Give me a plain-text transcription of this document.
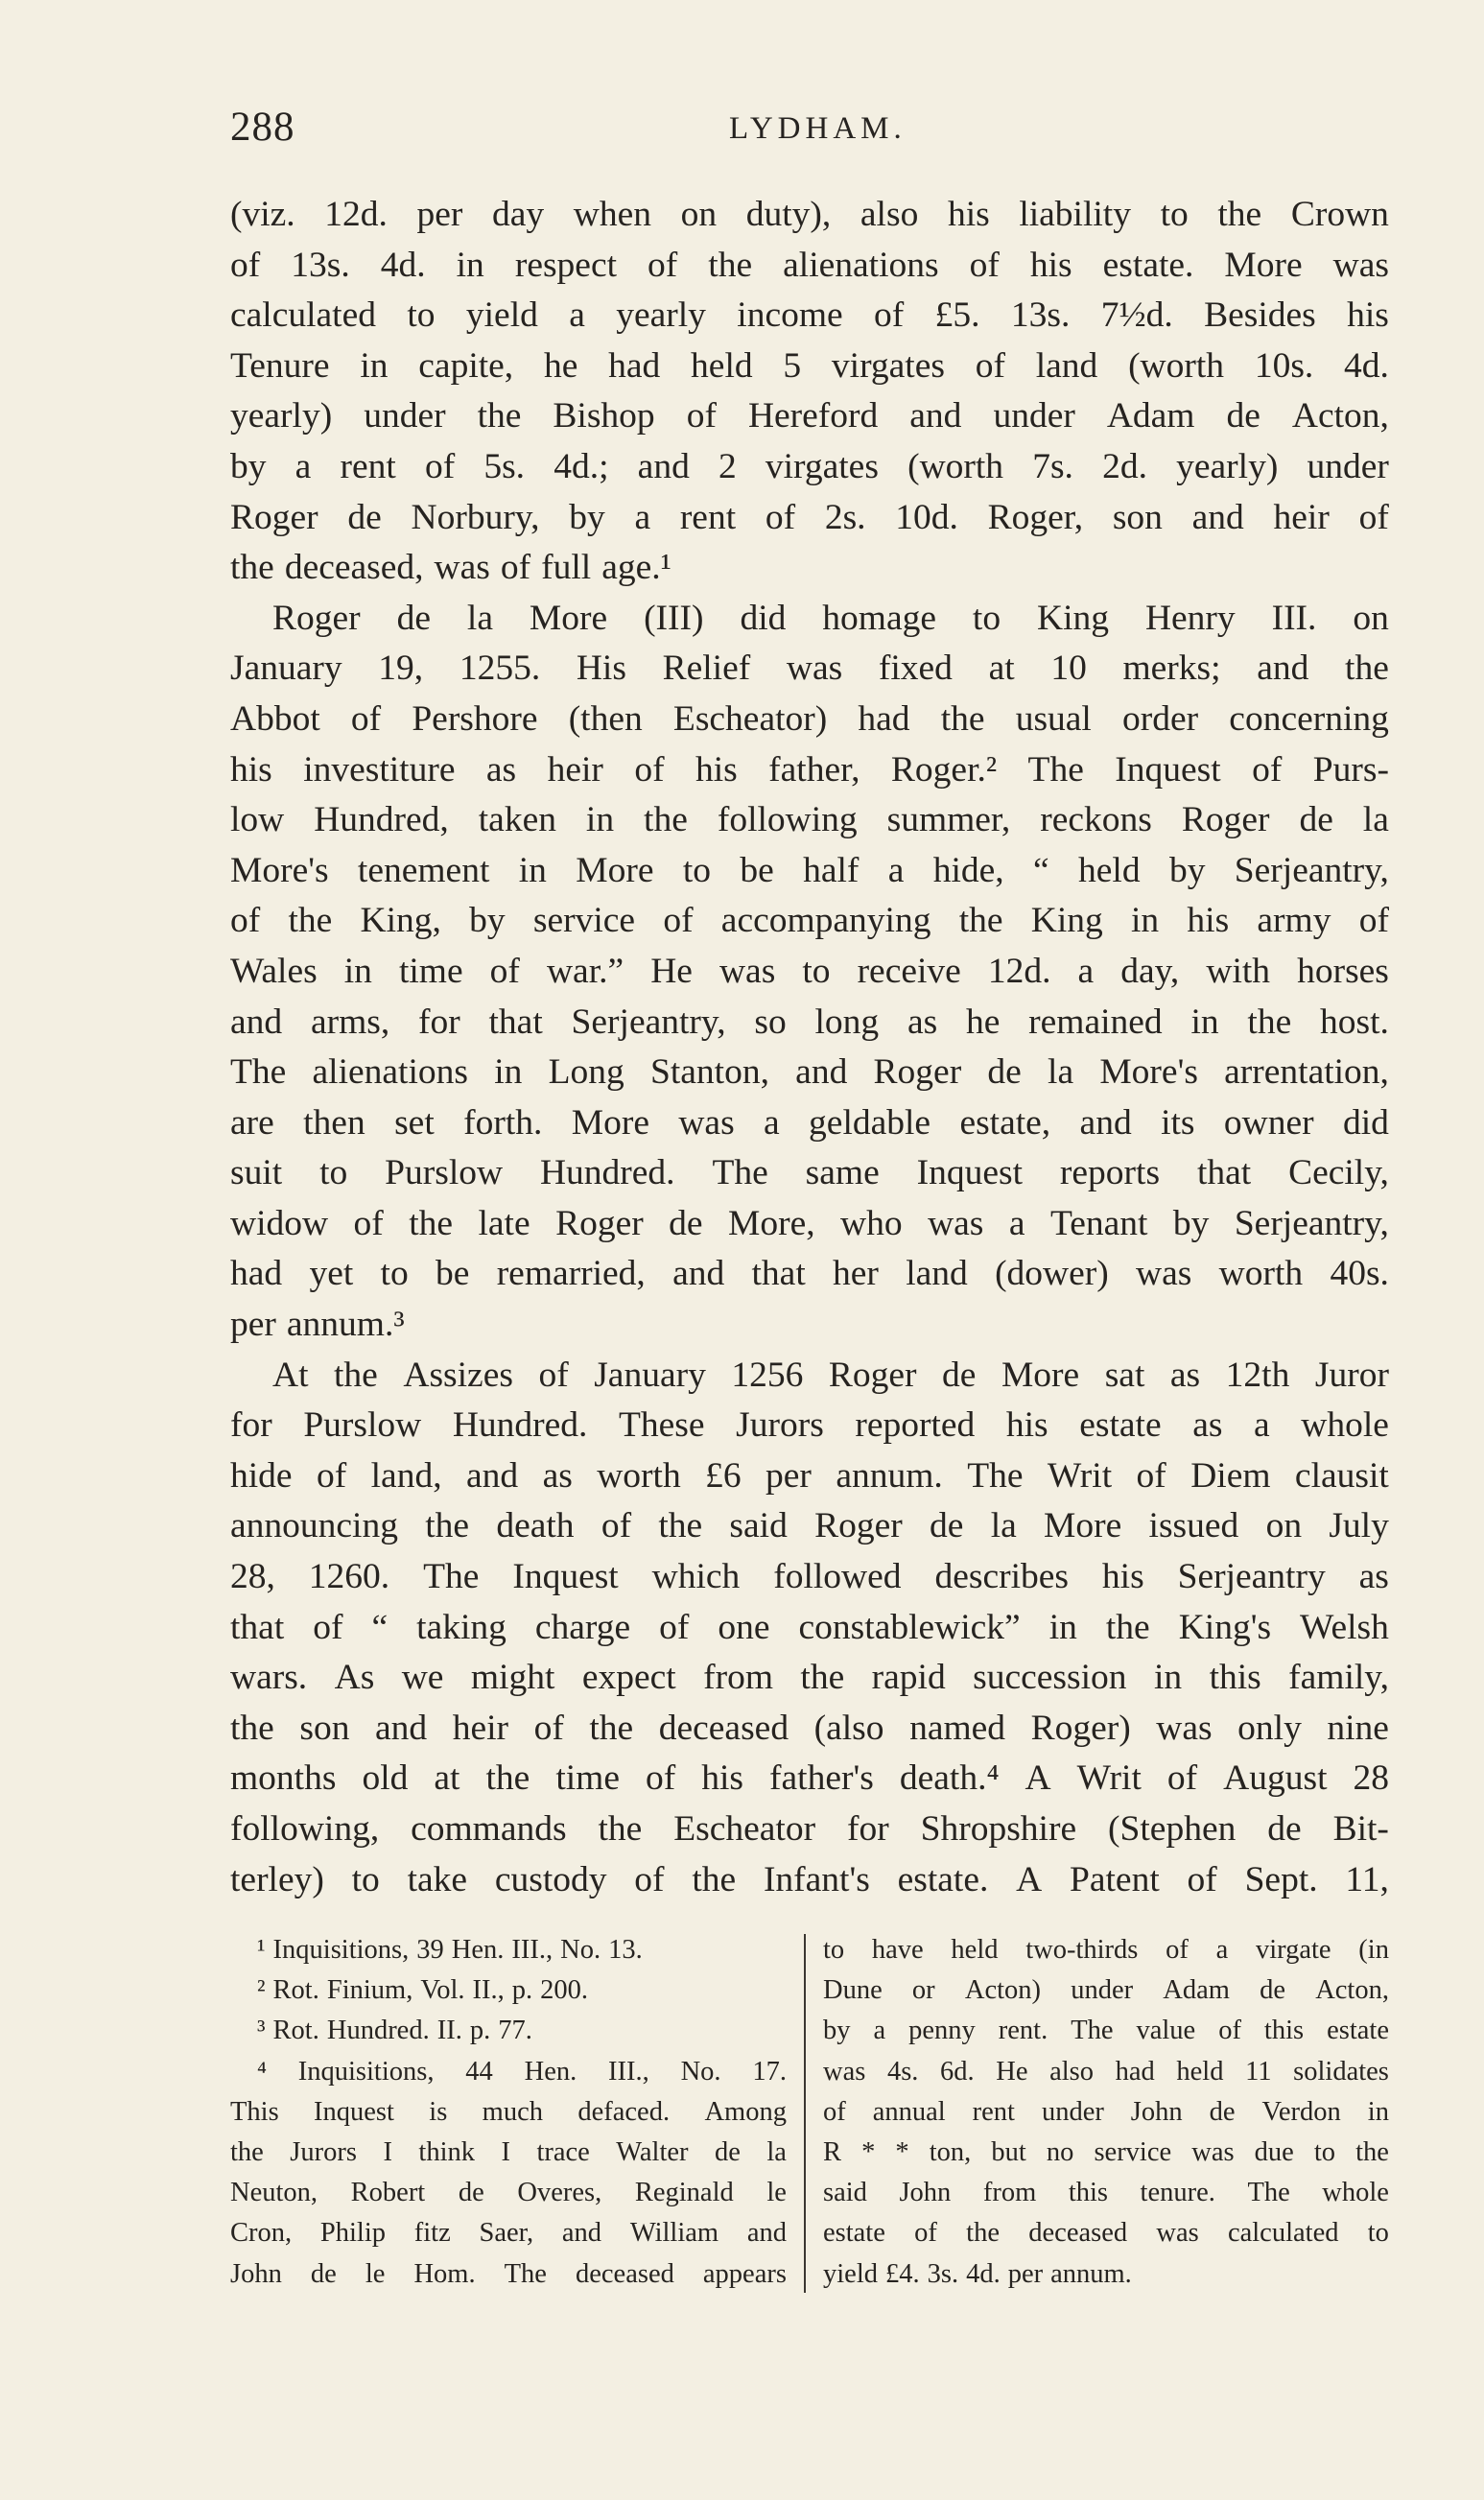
288	LYDHAM.
(viz. 12d. per day when on duty), also his liability to the Crown
of 13s. 4d. in respect of the alienations of his estate. More was
calculated to yield a yearly income of £5. 13s. 7½d. Besides his
Tenure in capite, he had held 5 virgates of land (worth 10s. 4d.
yearly) under the Bishop of Hereford and under Adam de Acton,
by a rent of 5s. 4d.; and 2 virgates (worth 7s. 2d. yearly) under
Roger de Norbury, by a rent of 2s. 10d. Roger, son and heir of
the deceased, was of full age.¹
Roger de la More (III) did homage to King Henry III. on
January 19, 1255. His Relief was fixed at 10 merks; and the
Abbot of Pershore (then Escheator) had the usual order concerning
his investiture as heir of his father, Roger.² The Inquest of Purs-
low Hundred, taken in the following summer, reckons Roger de la
More's tenement in More to be half a hide, “ held by Serjeantry,
of the King, by service of accompanying the King in his army of
Wales in time of war.” He was to receive 12d. a day, with horses
and arms, for that Serjeantry, so long as he remained in the host.
The alienations in Long Stanton, and Roger de la More's arrentation,
are then set forth. More was a geldable estate, and its owner did
suit to Purslow Hundred. The same Inquest reports that Cecily,
widow of the late Roger de More, who was a Tenant by Serjeantry,
had yet to be remarried, and that her land (dower) was worth 40s.
per annum.³
At the Assizes of January 1256 Roger de More sat as 12th Juror
for Purslow Hundred. These Jurors reported his estate as a whole
hide of land, and as worth £6 per annum. The Writ of Diem clausit
announcing the death of the said Roger de la More issued on July
28, 1260. The Inquest which followed describes his Serjeantry as
that of “ taking charge of one constablewick” in the King's Welsh
wars. As we might expect from the rapid succession in this family,
the son and heir of the deceased (also named Roger) was only nine
months old at the time of his father's death.⁴ A Writ of August 28
following, commands the Escheator for Shropshire (Stephen de Bit-
terley) to take custody of the Infant's estate. A Patent of Sept. 11,
¹ Inquisitions, 39 Hen. III., No. 13.
² Rot. Finium, Vol. II., p. 200.
³ Rot. Hundred. II. p. 77.
⁴ Inquisitions, 44 Hen. III., No. 17.
This Inquest is much defaced. Among
the Jurors I think I trace Walter de la
Neuton, Robert de Overes, Reginald le
Cron, Philip fitz Saer, and William and
John de le Hom. The deceased appears
to have held two-thirds of a virgate (in
Dune or Acton) under Adam de Acton,
by a penny rent. The value of this estate
was 4s. 6d. He also had held 11 solidates
of annual rent under John de Verdon in
R * * ton, but no service was due to the
said John from this tenure. The whole
estate of the deceased was calculated to
yield £4. 3s. 4d. per annum.
